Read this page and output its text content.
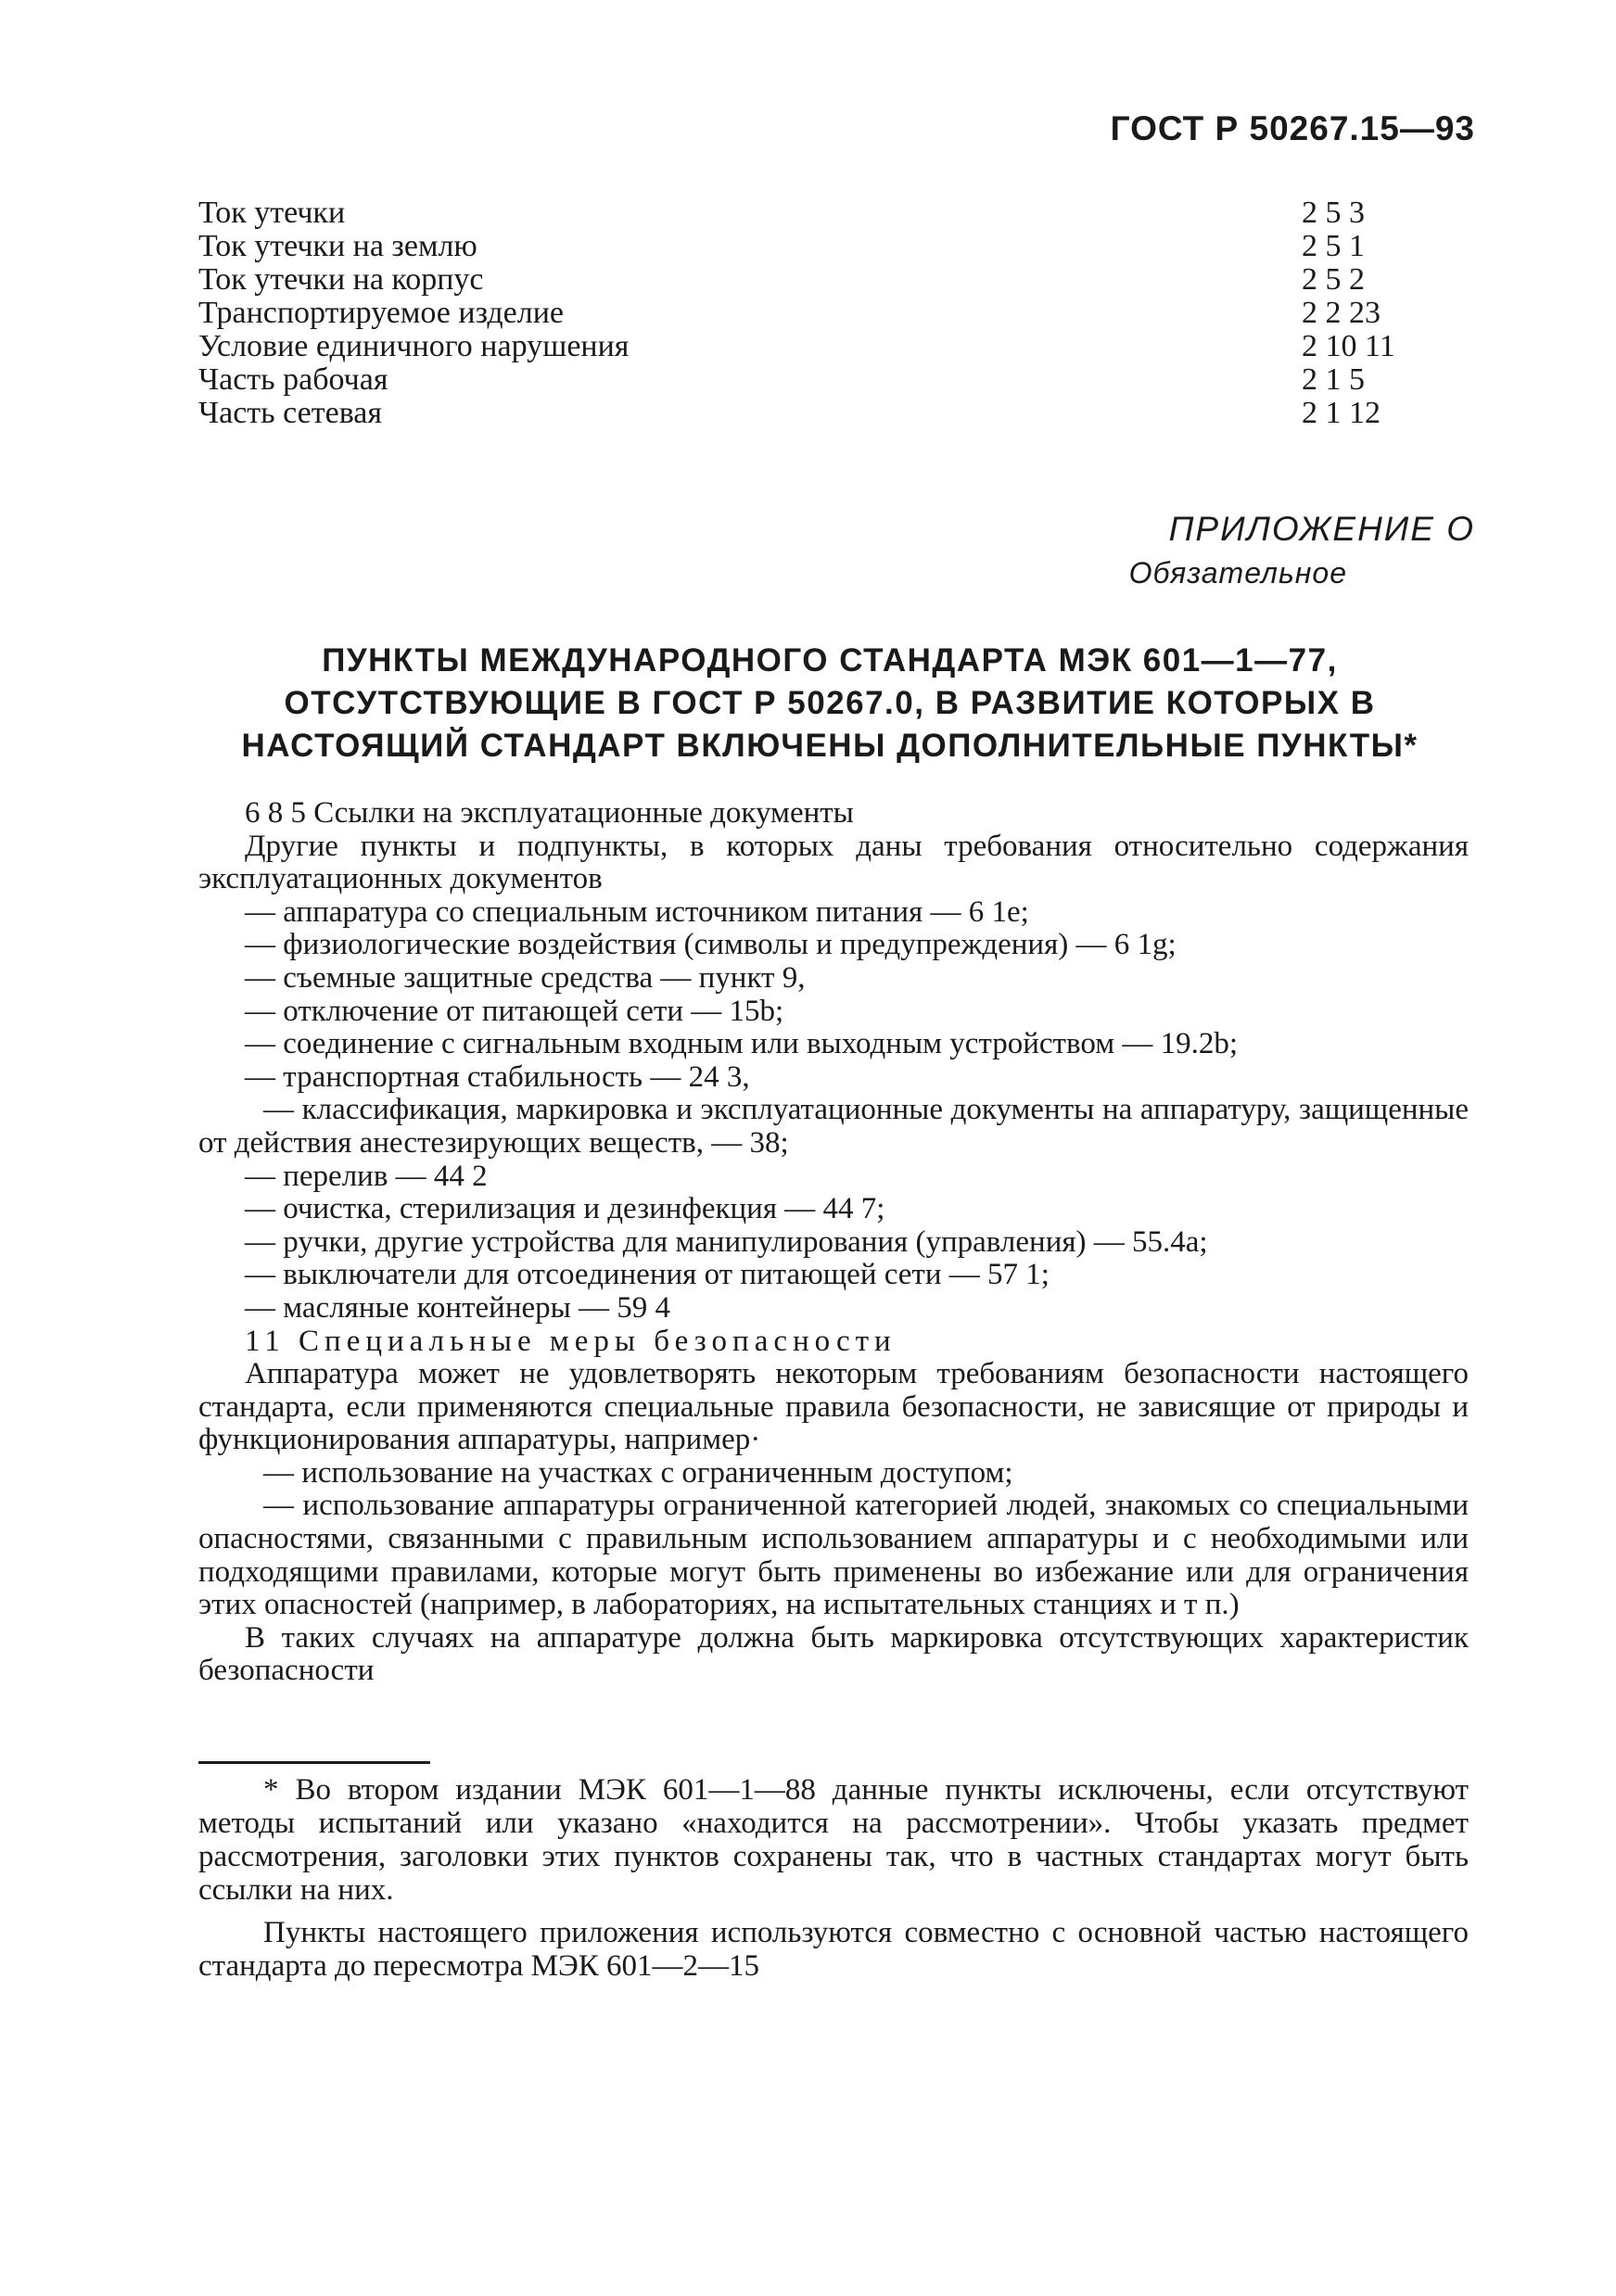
ГОСТ Р 50267.15—93
Ток утечки	2 5 3
Ток утечки на землю	2 5 1
Ток утечки на корпус	2 5 2
Транспортируемое изделие	2 2 23
Условие единичного нарушения	2 10 11
Часть рабочая	2 1 5
Часть сетевая	2 1 12
ПРИЛОЖЕНИЕ О
Обязательное
ПУНКТЫ МЕЖДУНАРОДНОГО СТАНДАРТА МЭК 601—1—77,
ОТСУТСТВУЮЩИЕ В ГОСТ Р 50267.0, В РАЗВИТИЕ КОТОРЫХ В
НАСТОЯЩИЙ СТАНДАРТ ВКЛЮЧЕНЫ ДОПОЛНИТЕЛЬНЫЕ ПУНКТЫ*

6 8 5 Ссылки на эксплуатационные документы

Другие пункты и подпункты, в которых даны требования относительно содержания эксплуатационных документов

— аппаратура со специальным источником питания — 6 1е;

— физиологические воздействия (символы и предупреждения) — 6 1g;

— съемные защитные средства — пункт 9,

— отключение от питающей сети — 15b;

— соединение с сигнальным входным или выходным устройством — 19.2b;

— транспортная стабильность — 24 3,

— классификация, маркировка и эксплуатационные документы на аппаратуру, защищенные от действия анестезирующих веществ, — 38;

— перелив — 44 2

— очистка, стерилизация и дезинфекция — 44 7;

— ручки, другие устройства для манипулирования (управления) — 55.4а;

— выключатели для отсоединения от питающей сети — 57 1;

— масляные контейнеры — 59 4

11 Специальные меры безопасности

Аппаратура может не удовлетворять некоторым требованиям безопасности настоящего стандарта, если применяются специальные правила безопасности, не зависящие от природы и функционирования аппаратуры, например·

— использование на участках с ограниченным доступом;

— использование аппаратуры ограниченной категорией людей, знакомых со специальными опасностями, связанными с правильным использованием аппаратуры и с необходимыми или подходящими правилами, которые могут быть применены во избежание или для ограничения этих опасностей (например, в лабораториях, на испытательных станциях и т п.)

В таких случаях на аппаратуре должна быть маркировка отсутствующих характеристик безопасности

* Во втором издании МЭК 601—1—88 данные пункты исключены, если отсутствуют методы испытаний или указано «находится на рассмотрении». Чтобы указать предмет рассмотрения, заголовки этих пунктов сохранены так, что в частных стандартах могут быть ссылки на них.

Пункты настоящего приложения используются совместно с основной частью настоящего стандарта до пересмотра МЭК 601—2—15
